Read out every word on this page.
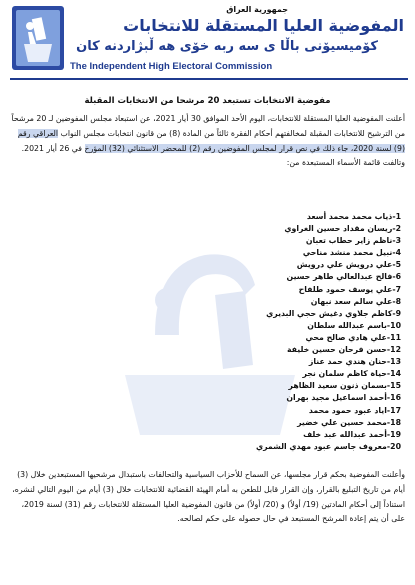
جمهورية العراق
المفوضية العليا المستقلة للانتخابات
كۆمیسیۆنی باڵا ی سه ربه خۆی هه ڵبژاردنه كان
The Independent High Electoral Commission
مفوضية الانتخابات تستبعد 20 مرشحا من الانتخابات المقبلة
أعلنت المفوضية العليا المستقلة للانتخابات، اليوم الأحد الموافق 30 أيار 2021، عن استبعاد مجلس المفوضين لـ 20 مرشحاً من الترشيح للانتخابات المقبلة لمخالفتهم أحكام الفقرة ثالثاً من المادة (8) من قانون انتخابات مجلس النواب العراقي رقم (9) لسنة 2020، جاء ذلك في نص قرار لمجلس المفوضين رقم (2) للمحضر الاستثنائي (32) المؤرخ في 26 أيار 2021. وتالفت قائمة الأسماء المستبعدة من:
1-ذياب محمد محمد أسعد
2-ريسان مقداد حسين الغراوي
3-ناظم زاير حطاب تعبان
4-نبيل محمد منشد مناحي
5-علي درويش علي درويش
6-فالح عبدالعالي طاهر حسين
7-علي يوسف حمود طلفاح
8-علي سالم سعد نبهان
9-كاظم جلاوي دغيش حجي البديري
10-باسم عبدالله سلطان
11-علي هادي صالح محي
12-حسن فرحان حسين خليفة
13-حنان هندي حمد عناز
14-حياة كاظم سلمان نجر
15-بسمان ذنون سعيد الظاهر
16-أحمد اسماعيل مجيد بهران
17-اياد عبود حمود محمد
18-محمد حسين علي خضير
19-أحمد عبدالله عبد خلف
20-معروف جاسم عبود مهدي الشمري
وأعلنت المفوضية بحكم قرار مجلسها، عن السماح للأحزاب السياسية والتحالفات باستبدال مرشحيها المستبعدين خلال (3) أيام من تاريخ التبليغ بالقرار، وإن القرار قابل للطعن به أمام الهيئة القضائية للانتخابات خلال (3) أيام من اليوم التالي لنشره، استناداً إلى أحكام المادتين (19/ أولاً) و (20/ أولاً) من قانون المفوضية العليا المستقلة للانتخابات رقم (31) لسنة 2019، على أن يتم إعادة المرشح المستبعد في حال حصوله على حكم لصالحه.
